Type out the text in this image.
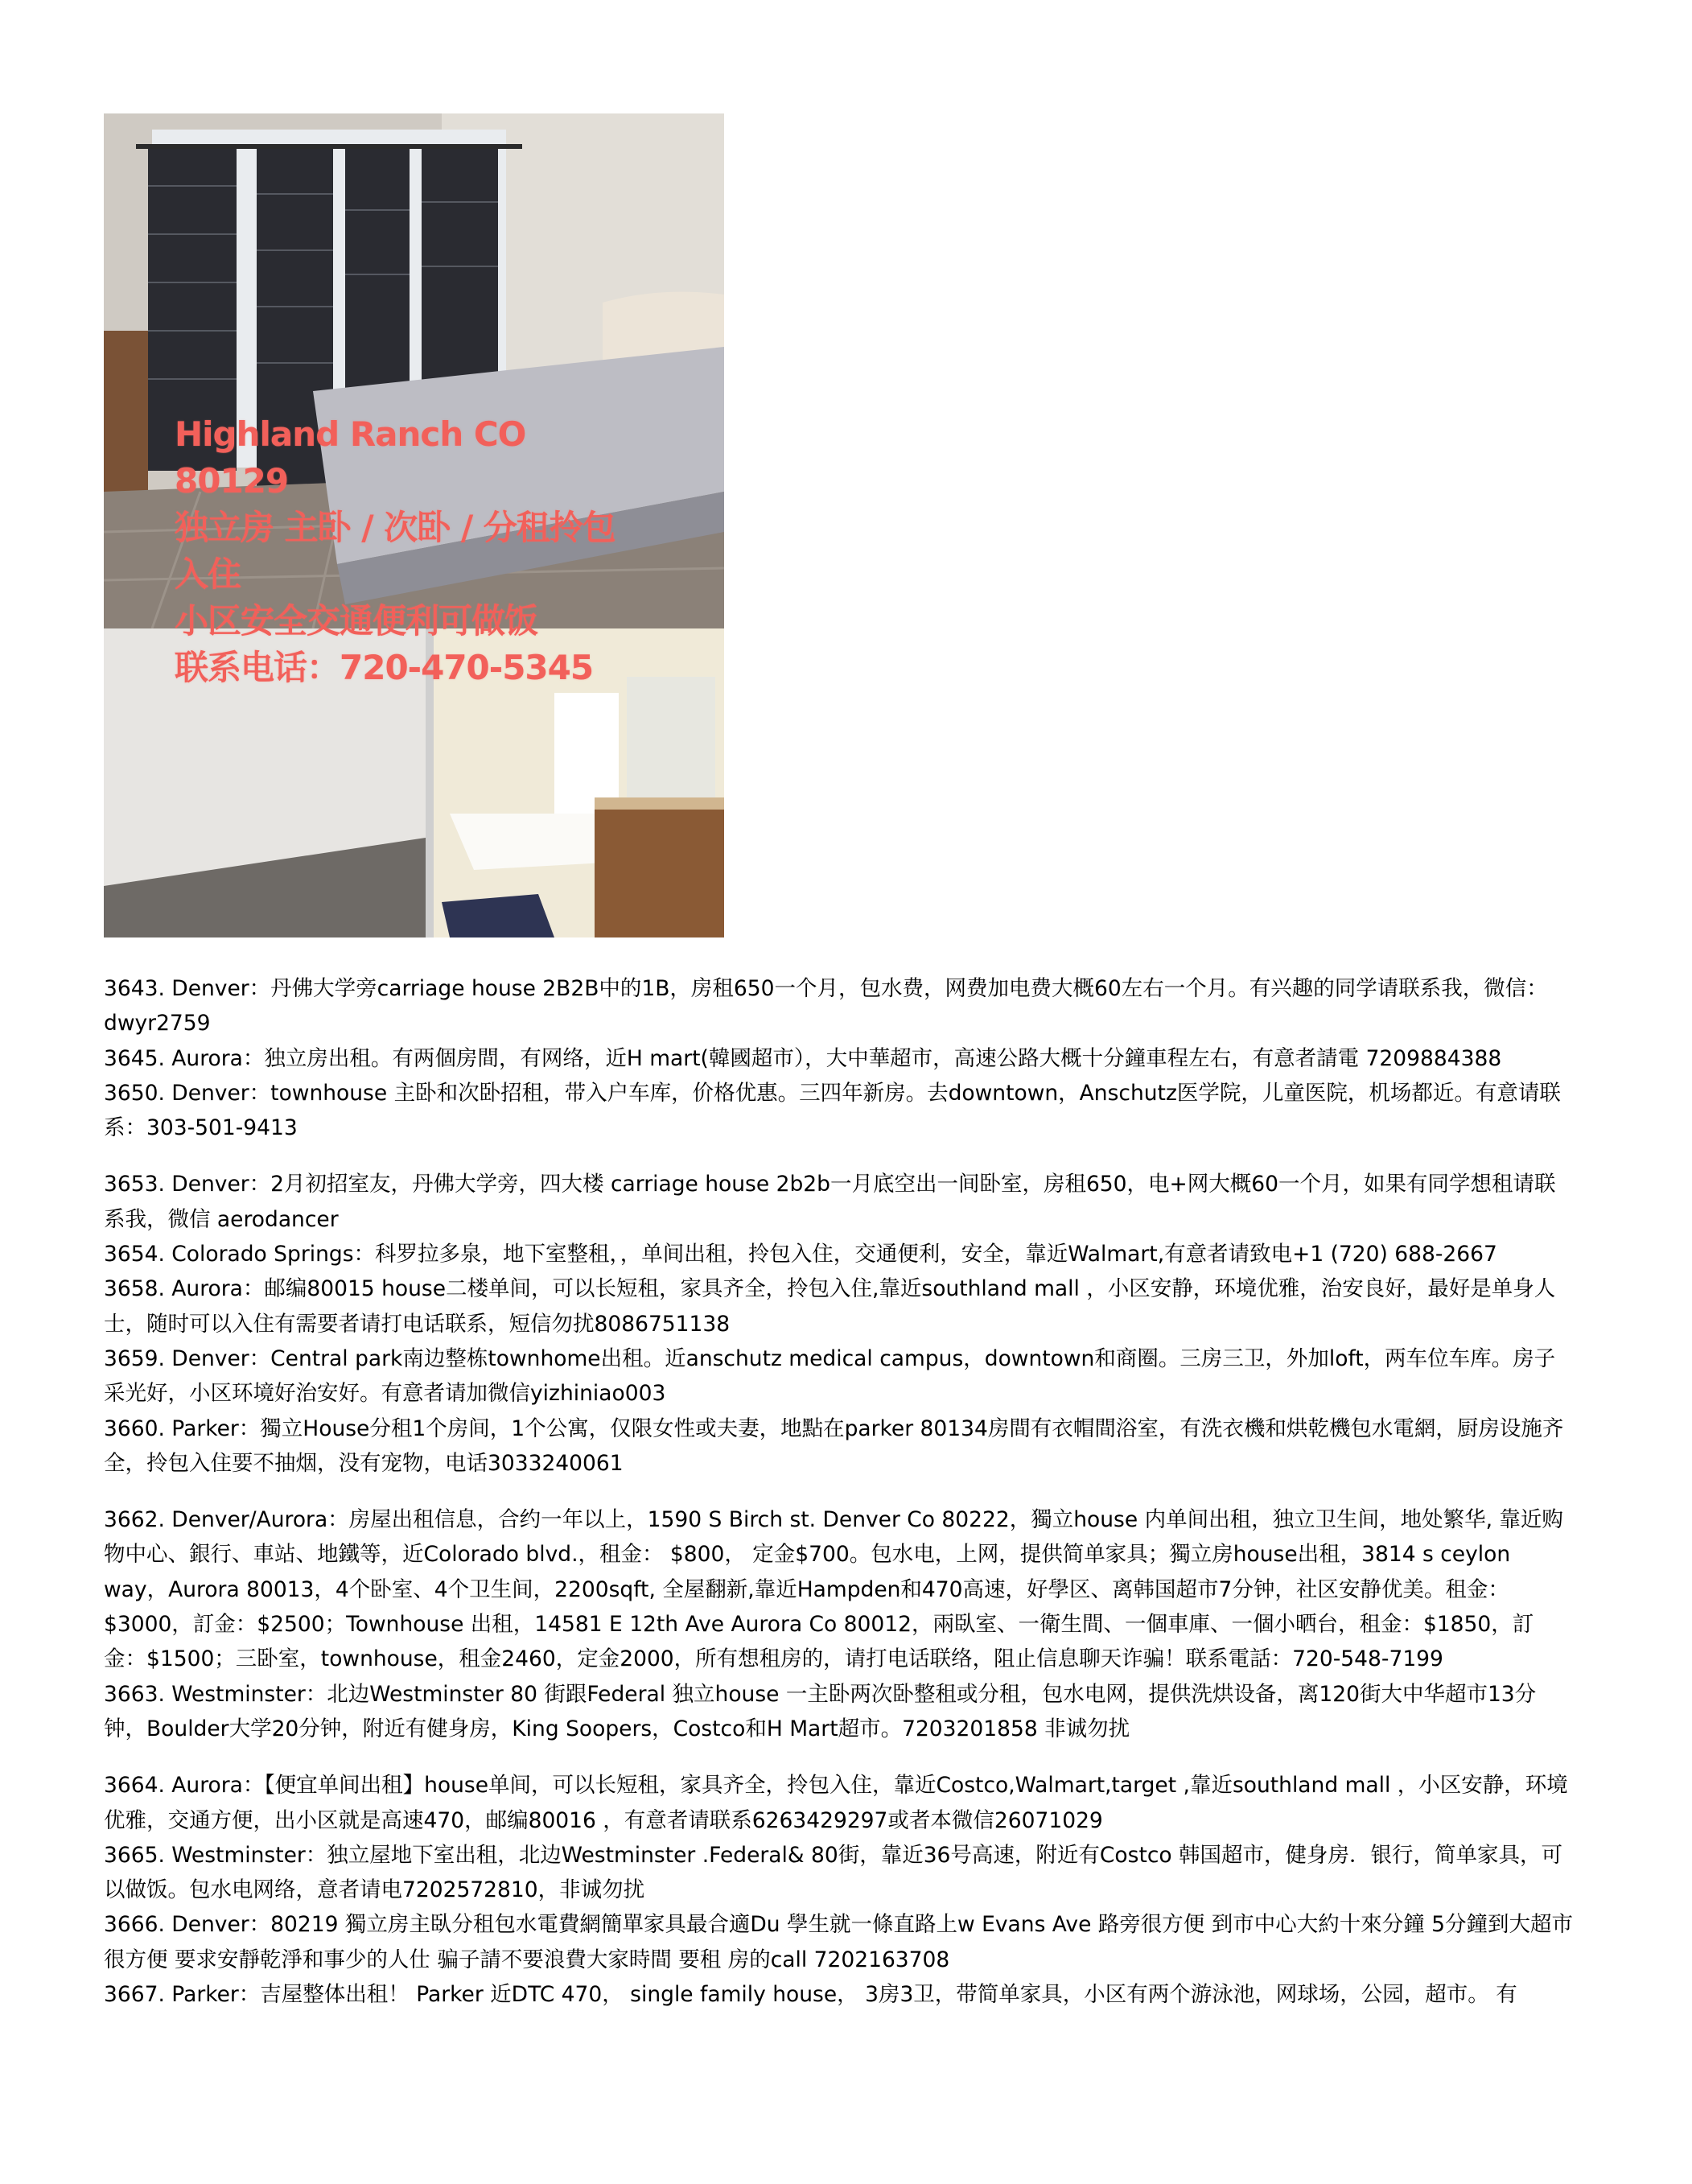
Highland Ranch CO
80129
独立房 主卧 / 次卧 / 分租拎包
入住
小区安全交通便利可做饭
联系电话：720-470-5345

3643. Denver：丹佛大学旁carriage house 2B2B中的1B，房租650一个月，包水费，网费加电费大概60左右一个月。有兴趣的同学请联系我，微信：dwyr2759

3645. Aurora：独立房出租。有两個房間，有网络，近H mart(韓國超市），大中華超市，高速公路大概十分鐘車程左右，有意者請電 7209884388

3650. Denver：townhouse 主卧和次卧招租，带入户车库，价格优惠。三四年新房。去downtown，Anschutz医学院，儿童医院，机场都近。有意请联系：303-501-9413

3653. Denver：2月初招室友，丹佛大学旁，四大楼 carriage house 2b2b一月底空出一间卧室，房租650，电+网大概60一个月，如果有同学想租请联系我，微信 aerodancer

3654. Colorado Springs：科罗拉多泉，地下室整租，，单间出租，拎包入住，交通便利，安全，靠近Walmart,有意者请致电+1 (720) 688-2667

3658. Aurora：邮编80015 house二楼单间，可以长短租，家具齐全，拎包入住,靠近southland mall ，小区安静，环境优雅，治安良好，最好是单身人士，随时可以入住有需要者请打电话联系，短信勿扰8086751138

3659. Denver：Central park南边整栋townhome出租。近anschutz medical campus，downtown和商圈。三房三卫，外加loft，两车位车库。房子采光好，小区环境好治安好。有意者请加微信yizhiniao003

3660. Parker：獨立House分租1个房间，1个公寓，仅限女性或夫妻，地點在parker 80134房間有衣帽間浴室，有洗衣機和烘乾機包水電網，厨房设施齐全，拎包入住要不抽烟，没有宠物，电话3033240061

3662. Denver/Aurora：房屋出租信息，合约一年以上，1590 S Birch st. Denver Co 80222，獨立house 内单间出租，独立卫生间，地处繁华, 靠近购物中心、銀行、車站、地鐵等，近Colorado blvd.，租金： $800， 定金$700。包水电，上网，提供简单家具；獨立房house出租，3814 s ceylon way，Aurora 80013，4个卧室、4个卫生间，2200sqft, 全屋翻新,靠近Hampden和470高速，好學区、离韩国超市7分钟，社区安静优美。租金：$3000，訂金：$2500；Townhouse 出租，14581 E 12th Ave Aurora Co 80012，兩臥室、一衛生間、一個車庫、一個小晒台，租金：$1850，訂金：$1500；三卧室，townhouse，租金2460，定金2000，所有想租房的，请打电话联络，阻止信息聊天诈骗！联系電話：720-548-7199

3663. Westminster：北边Westminster 80 街跟Federal 独立house 一主卧两次卧整租或分租，包水电网，提供洗烘设备，离120街大中华超市13分钟，Boulder大学20分钟，附近有健身房，King Soopers，Costco和H Mart超市。7203201858 非诚勿扰

3664. Aurora：【便宜单间出租】house单间，可以长短租，家具齐全，拎包入住，靠近Costco,Walmart,target ,靠近southland mall ，小区安静，环境优雅，交通方便，出小区就是高速470，邮编80016 ，有意者请联系6263429297或者本微信26071029

3665. Westminster：独立屋地下室出租，北边Westminster .Federal& 80街，靠近36号高速，附近有Costco 韩国超市，健身房．银行，简单家具，可以做饭。包水电网络，意者请电7202572810，非诚勿扰

3666. Denver：80219 獨立房主臥分租包水電費網簡單家具最合適Du 學生就一條直路上w Evans Ave 路旁很方便 到市中心大約十來分鐘 5分鐘到大超市 很方便 要求安靜乾淨和事少的人仕 骗子請不要浪費大家時間 要租 房的call 7202163708

3667. Parker：吉屋整体出租！ Parker 近DTC 470， single family house， 3房3卫，带简单家具，小区有两个游泳池，网球场，公园，超市。 有
